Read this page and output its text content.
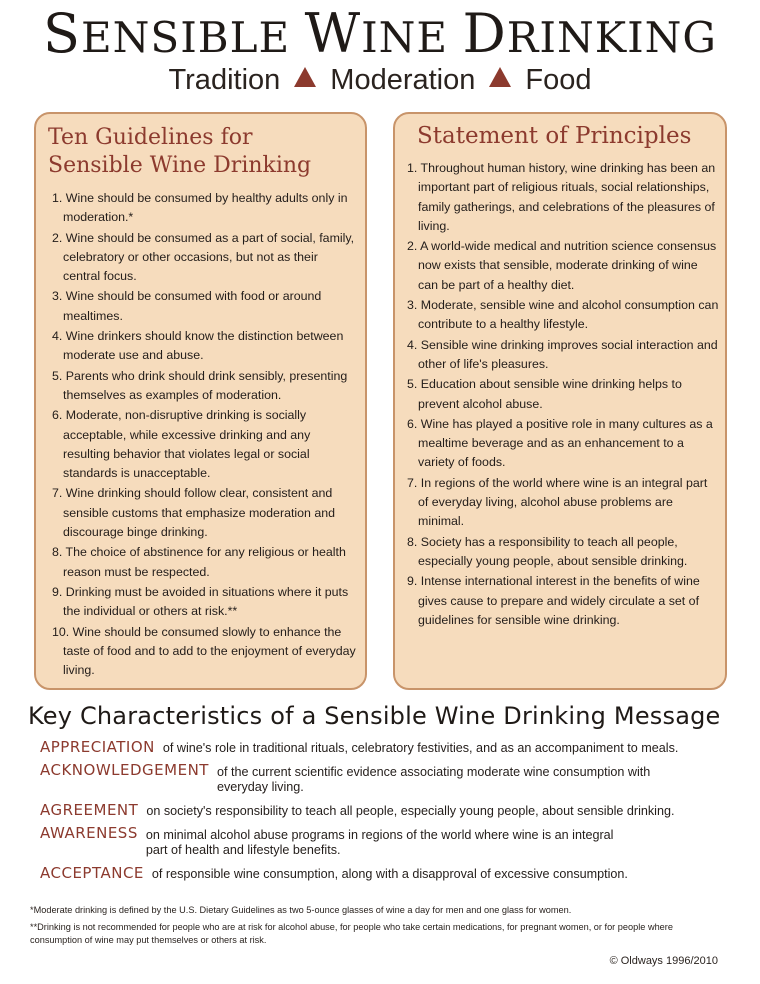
SENSIBLE WINE DRINKING
Tradition Moderation Food
Ten Guidelines for
Sensible Wine Drinking
1. Wine should be consumed by healthy adults only in moderation.*
2. Wine should be consumed as a part of social, family, celebratory or other occasions, but not as their central focus.
3. Wine should be consumed with food or around mealtimes.
4. Wine drinkers should know the distinction between moderate use and abuse.
5. Parents who drink should drink sensibly, presenting themselves as examples of moderation.
6. Moderate, non-disruptive drinking is socially acceptable, while excessive drinking and any resulting behavior that violates legal or social standards is unacceptable.
7. Wine drinking should follow clear, consistent and sensible customs that emphasize moderation and discourage binge drinking.
8. The choice of abstinence for any religious or health reason must be respected.
9. Drinking must be avoided in situations where it puts the individual or others at risk.**
10. Wine should be consumed slowly to enhance the taste of food and to add to the enjoyment of everyday living.
Statement of Principles
1. Throughout human history, wine drinking has been an important part of religious rituals, social relationships, family gatherings, and celebrations of the pleasures of living.
2. A world-wide medical and nutrition science consensus now exists that sensible, moderate drinking of wine can be part of a healthy diet.
3. Moderate, sensible wine and alcohol consumption can contribute to a healthy lifestyle.
4. Sensible wine drinking improves social interaction and other of life's pleasures.
5. Education about sensible wine drinking helps to prevent alcohol abuse.
6. Wine has played a positive role in many cultures as a mealtime beverage and as an enhancement to a variety of foods.
7. In regions of the world where wine is an integral part of everyday living, alcohol abuse problems are minimal.
8. Society has a responsibility to teach all people, especially young people, about sensible drinking.
9. Intense international interest in the benefits of wine gives cause to prepare and widely circulate a set of guidelines for sensible wine drinking.
Key Characteristics of a Sensible Wine Drinking Message
APPRECIATION of wine's role in traditional rituals, celebratory festivities, and as an accompaniment to meals.
ACKNOWLEDGEMENT of the current scientific evidence associating moderate wine consumption with everyday living.
AGREEMENT on society's responsibility to teach all people, especially young people, about sensible drinking.
AWARENESS on minimal alcohol abuse programs in regions of the world where wine is an integral part of health and lifestyle benefits.
ACCEPTANCE of responsible wine consumption, along with a disapproval of excessive consumption.
*Moderate drinking is defined by the U.S. Dietary Guidelines as two 5-ounce glasses of wine a day for men and one glass for women.
**Drinking is not recommended for people who are at risk for alcohol abuse, for people who take certain medications, for pregnant women, or for people where consumption of wine may put themselves or others at risk.
© Oldways 1996/2010
